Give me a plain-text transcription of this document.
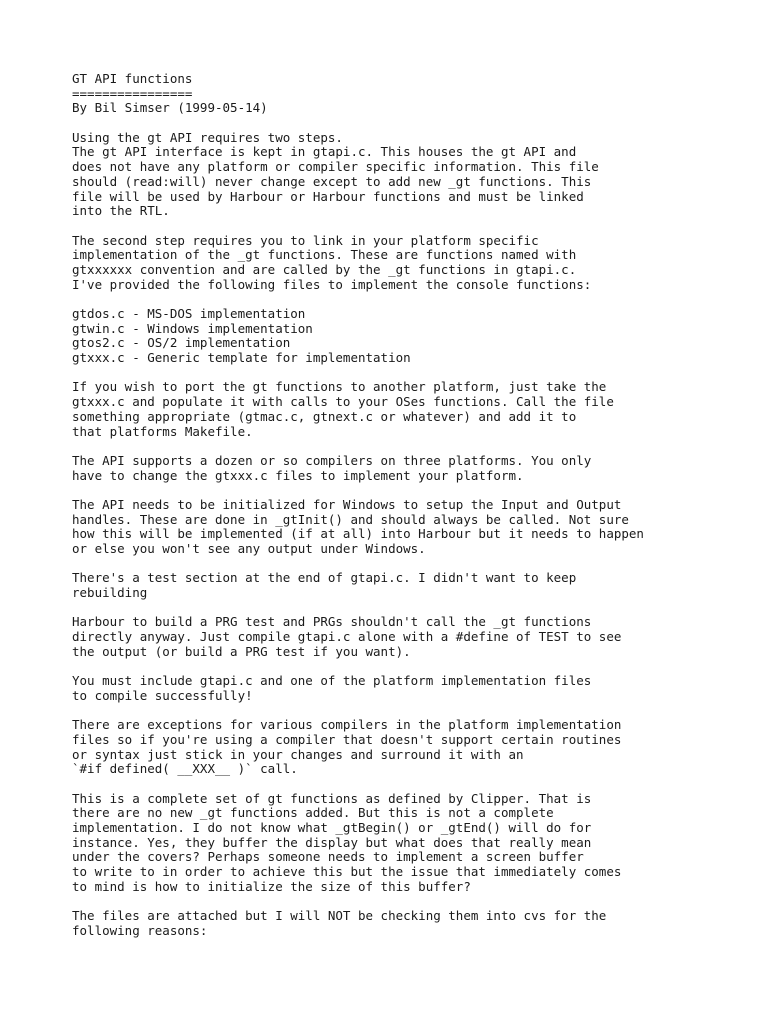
GT API functions
================
By Bil Simser (1999-05-14)
Using the gt API requires two steps.
The gt API interface is kept in gtapi.c. This houses the gt API and
does not have any platform or compiler specific information. This file
should (read:will) never change except to add new _gt functions. This
file will be used by Harbour or Harbour functions and must be linked
into the RTL.
The second step requires you to link in your platform specific
implementation of the _gt functions. These are functions named with
gtxxxxxx convention and are called by the _gt functions in gtapi.c.
I've provided the following files to implement the console functions:
gtdos.c - MS-DOS implementation
gtwin.c - Windows implementation
gtos2.c - OS/2 implementation
gtxxx.c - Generic template for implementation
If you wish to port the gt functions to another platform, just take the
gtxxx.c and populate it with calls to your OSes functions. Call the file
something appropriate (gtmac.c, gtnext.c or whatever) and add it to
that platforms Makefile.
The API supports a dozen or so compilers on three platforms. You only
have to change the gtxxx.c files to implement your platform.
The API needs to be initialized for Windows to setup the Input and Output
handles. These are done in _gtInit() and should always be called. Not sure
how this will be implemented (if at all) into Harbour but it needs to happen
or else you won't see any output under Windows.
There's a test section at the end of gtapi.c. I didn't want to keep
rebuilding
Harbour to build a PRG test and PRGs shouldn't call the _gt functions
directly anyway. Just compile gtapi.c alone with a #define of TEST to see
the output (or build a PRG test if you want).
You must include gtapi.c and one of the platform implementation files
to compile successfully!
There are exceptions for various compilers in the platform implementation
files so if you're using a compiler that doesn't support certain routines
or syntax just stick in your changes and surround it with an
`#if defined( __XXX__ )` call.
This is a complete set of gt functions as defined by Clipper. That is
there are no new _gt functions added. But this is not a complete
implementation. I do not know what _gtBegin() or _gtEnd() will do for
instance. Yes, they buffer the display but what does that really mean
under the covers? Perhaps someone needs to implement a screen buffer
to write to in order to achieve this but the issue that immediately comes
to mind is how to initialize the size of this buffer?
The files are attached but I will NOT be checking them into cvs for the
following reasons:
